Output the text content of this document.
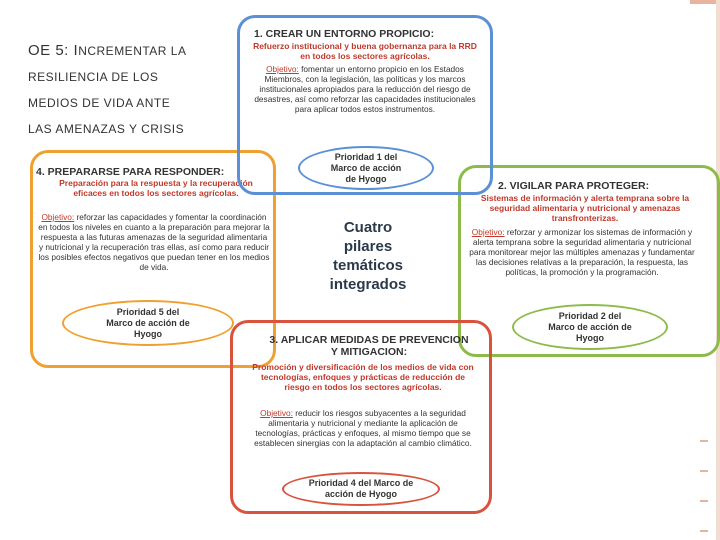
OE 5: INCREMENTAR LA
RESILIENCIA DE LOS
MEDIOS DE VIDA ANTE
LAS AMENAZAS Y CRISIS
4. PREPARARSE PARA RESPONDER:
Preparación para la respuesta y la recuperación eficaces en todos los sectores agrícolas.
Objetivo: reforzar las capacidades y fomentar la coordinación en todos los niveles en cuanto a la preparación para mejorar la respuesta a las futuras amenazas de la seguridad alimentaria y nutricional y la recuperación tras ellas, así como para reducir los posibles efectos negativos que puedan tener en los medios de vida.
Prioridad 5 del Marco de acción de Hyogo
2. VIGILAR PARA PROTEGER:
Sistemas de información y alerta temprana sobre la seguridad alimentaria y nutricional y amenazas transfronterizas.
Objetivo: reforzar y armonizar los sistemas de información y alerta temprana sobre la seguridad alimentaria y nutricional para monitorear mejor las múltiples amenazas y fundamentar las decisiones relativas a la preparación, la respuesta, las políticas, la promoción y la programación.
Prioridad 2 del Marco de acción de Hyogo
3. APLICAR MEDIDAS DE PREVENCION
Y MITIGACION:
Promoción y diversificación de los medios de vida con tecnologías, enfoques y prácticas de reducción de riesgo en todos los sectores agrícolas.
Objetivo: reducir los riesgos subyacentes a la seguridad alimentaria y nutricional y mediante la aplicación de tecnologías, prácticas y enfoques, al mismo tiempo que se establecen sinergias con la adaptación al cambio climático.
Prioridad 4 del Marco de acción de Hyogo
1. CREAR UN ENTORNO PROPICIO:
Refuerzo institucional y buena gobernanza para la RRD en todos los sectores agrícolas.
Objetivo: fomentar un entorno propicio en los Estados Miembros, con la legislación, las políticas y los marcos institucionales apropiados para la reducción del riesgo de desastres, así como reforzar las capacidades institucionales para aplicar todos estos instrumentos.
Prioridad 1 del Marco de acción de Hyogo
Cuatro
pilares
temáticos
integrados
